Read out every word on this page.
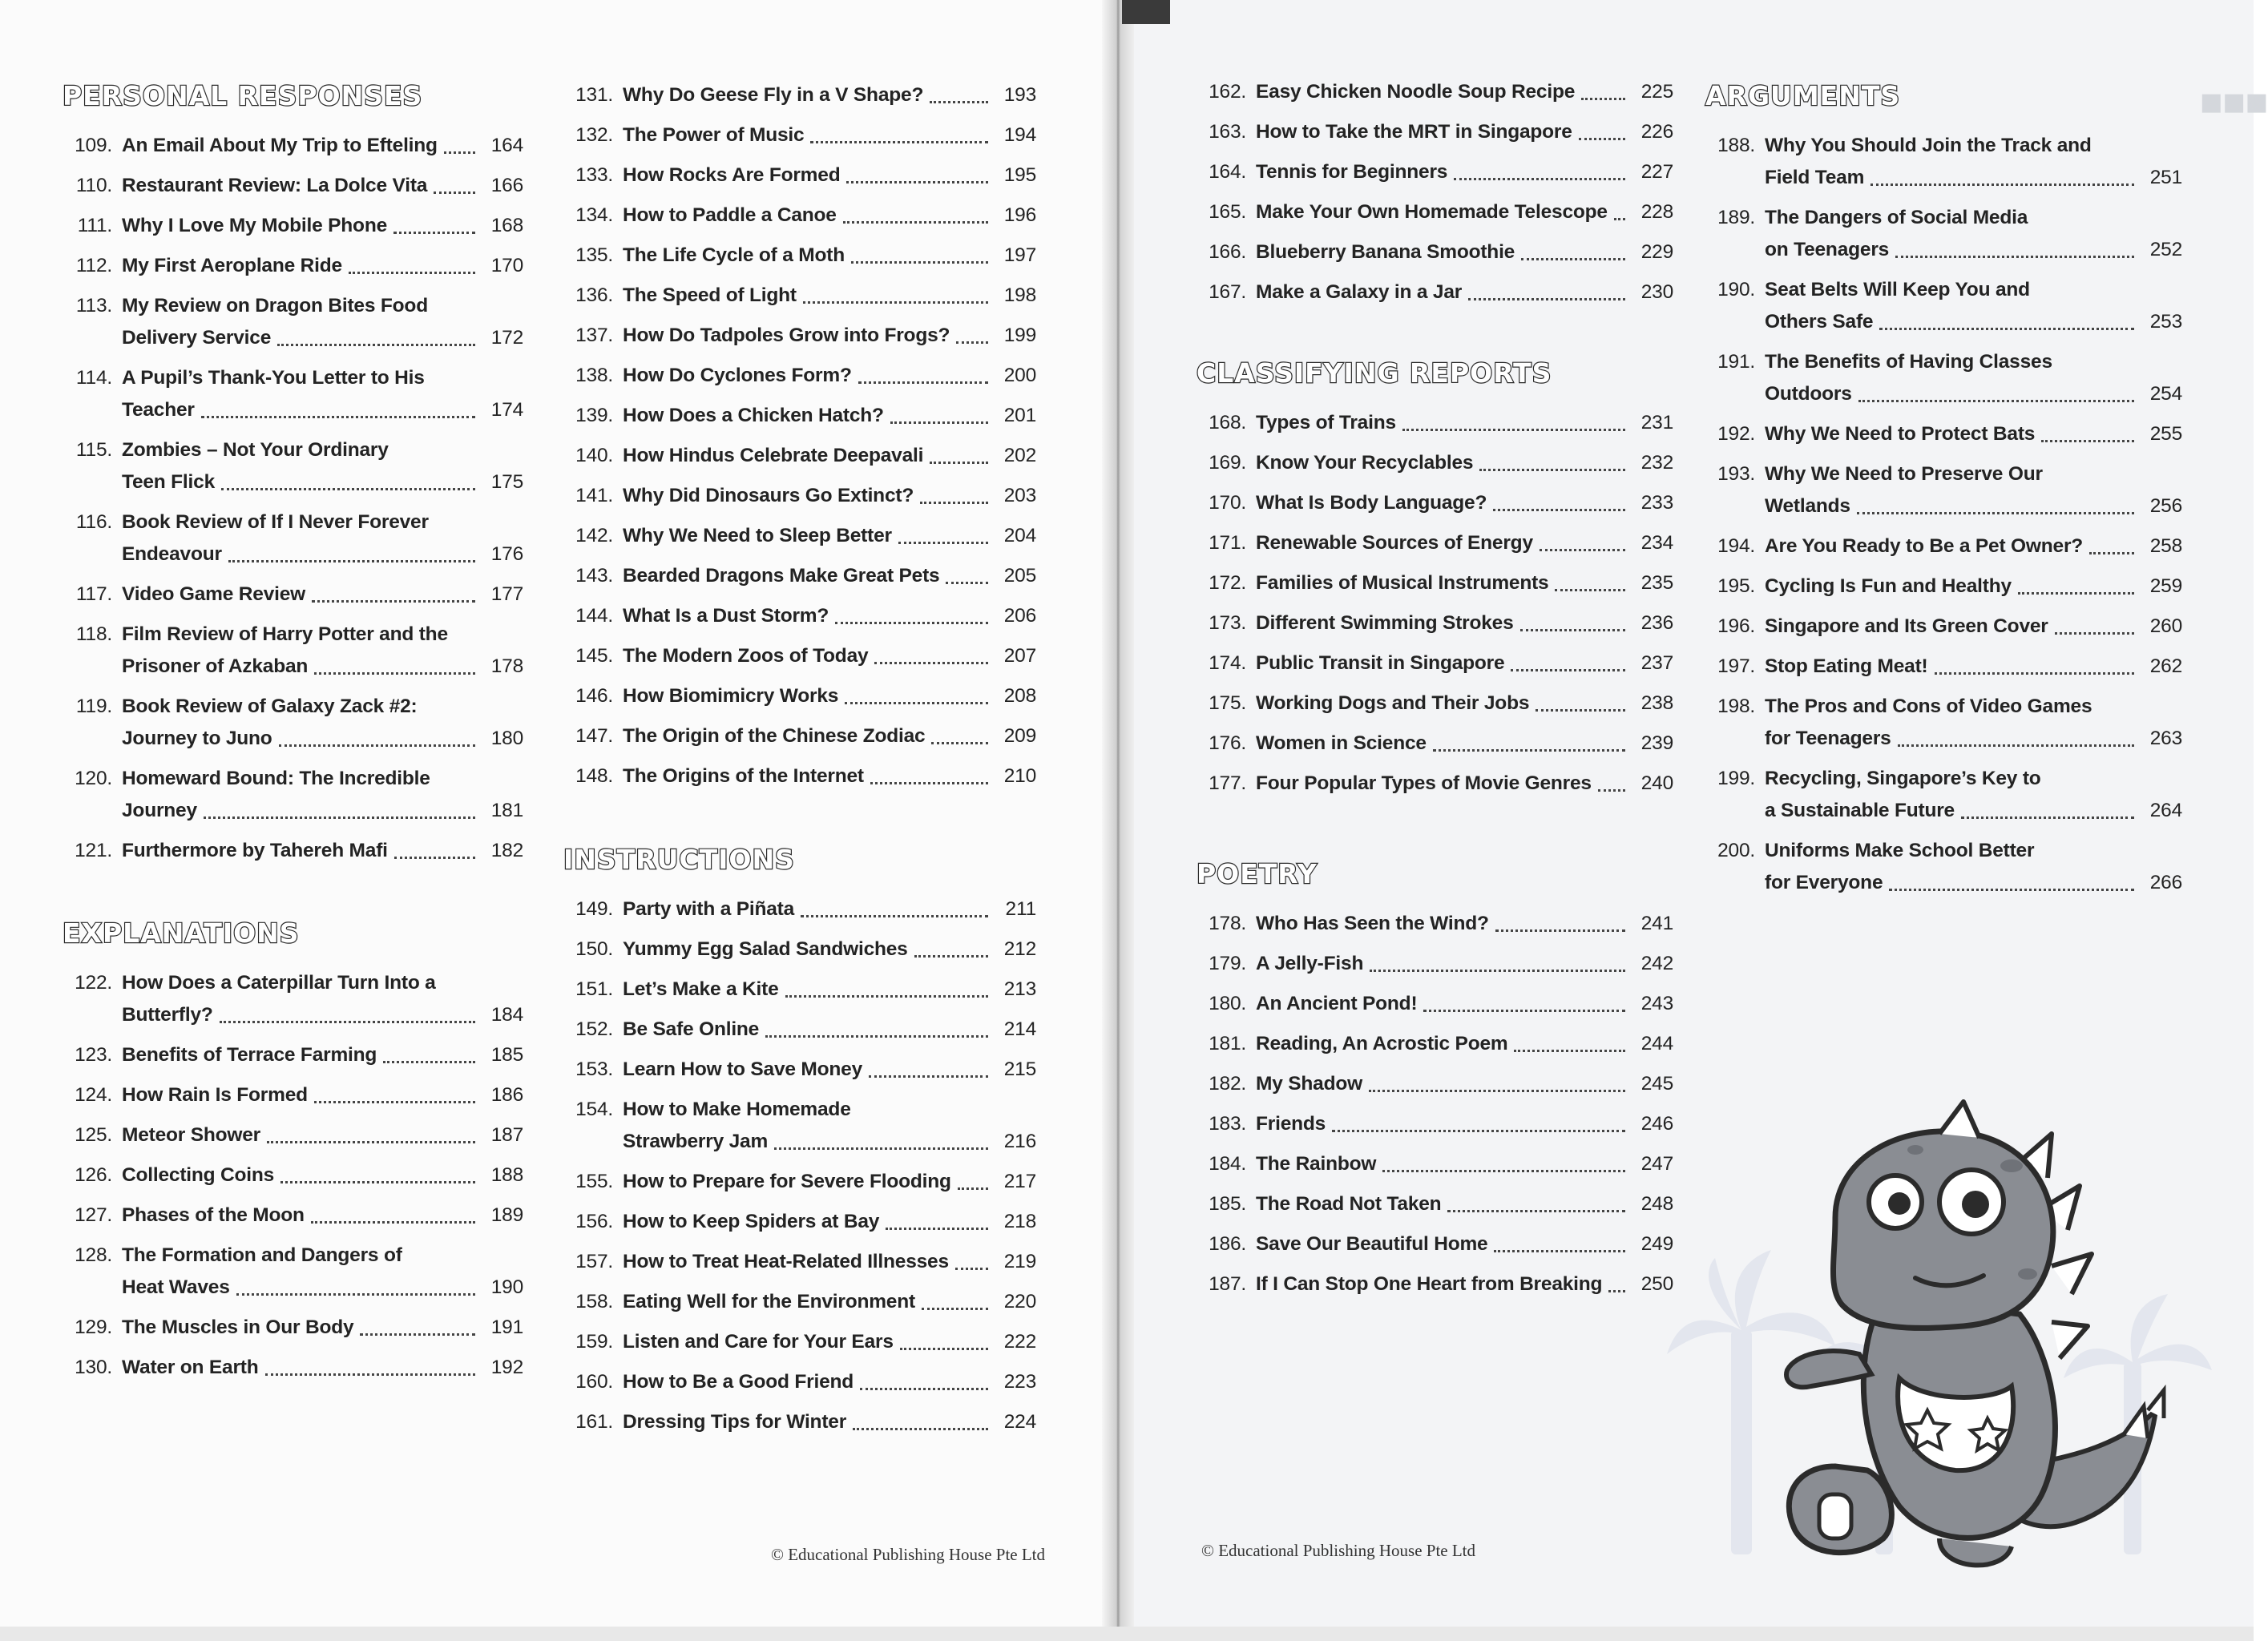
PERSONAL RESPONSES
109. An Email About My Trip to Efteling	164
110. Restaurant Review: La Dolce Vita	166
111. Why I Love My Mobile Phone	168
112. My First Aeroplane Ride	170
113. My Review on Dragon Bites Food
Delivery Service	172
114. A Pupil’s Thank-You Letter to His
Teacher	174
115. Zombies – Not Your Ordinary
Teen Flick	175
116. Book Review of If I Never Forever
Endeavour	176
117. Video Game Review	177
118. Film Review of Harry Potter and the
Prisoner of Azkaban	178
119. Book Review of Galaxy Zack #2:
Journey to Juno	180
120. Homeward Bound: The Incredible
Journey	181
121. Furthermore by Tahereh Mafi	182
EXPLANATIONS
122. How Does a Caterpillar Turn Into a
Butterfly?	184
123. Benefits of Terrace Farming	185
124. How Rain Is Formed	186
125. Meteor Shower	187
126. Collecting Coins	188
127. Phases of the Moon	189
128. The Formation and Dangers of
Heat Waves	190
129. The Muscles in Our Body	191
130. Water on Earth	192
131. Why Do Geese Fly in a V Shape?	193
132. The Power of Music	194
133. How Rocks Are Formed	195
134. How to Paddle a Canoe	196
135. The Life Cycle of a Moth	197
136. The Speed of Light	198
137. How Do Tadpoles Grow into Frogs?	199
138. How Do Cyclones Form?	200
139. How Does a Chicken Hatch?	201
140. How Hindus Celebrate Deepavali	202
141. Why Did Dinosaurs Go Extinct?	203
142. Why We Need to Sleep Better	204
143. Bearded Dragons Make Great Pets	205
144. What Is a Dust Storm?	206
145. The Modern Zoos of Today	207
146. How Biomimicry Works	208
147. The Origin of the Chinese Zodiac	209
148. The Origins of the Internet	210
INSTRUCTIONS
149. Party with a Piñata	211
150. Yummy Egg Salad Sandwiches	212
151. Let’s Make a Kite	213
152. Be Safe Online	214
153. Learn How to Save Money	215
154. How to Make Homemade
Strawberry Jam	216
155. How to Prepare for Severe Flooding	217
156. How to Keep Spiders at Bay	218
157. How to Treat Heat-Related Illnesses	219
158. Eating Well for the Environment	220
159. Listen and Care for Your Ears	222
160. How to Be a Good Friend	223
161. Dressing Tips for Winter	224
162. Easy Chicken Noodle Soup Recipe	225
163. How to Take the MRT in Singapore	226
164. Tennis for Beginners	227
165. Make Your Own Homemade Telescope	228
166. Blueberry Banana Smoothie	229
167. Make a Galaxy in a Jar	230
CLASSIFYING REPORTS
168. Types of Trains	231
169. Know Your Recyclables	232
170. What Is Body Language?	233
171. Renewable Sources of Energy	234
172. Families of Musical Instruments	235
173. Different Swimming Strokes	236
174. Public Transit in Singapore	237
175. Working Dogs and Their Jobs	238
176. Women in Science	239
177. Four Popular Types of Movie Genres	240
POETRY
178. Who Has Seen the Wind?	241
179. A Jelly-Fish	242
180. An Ancient Pond!	243
181. Reading, An Acrostic Poem	244
182. My Shadow	245
183. Friends	246
184. The Rainbow	247
185. The Road Not Taken	248
186. Save Our Beautiful Home	249
187. If I Can Stop One Heart from Breaking	250
ARGUMENTS
188. Why You Should Join the Track and
Field Team	251
189. The Dangers of Social Media
on Teenagers	252
190. Seat Belts Will Keep You and
Others Safe	253
191. The Benefits of Having Classes
Outdoors	254
192. Why We Need to Protect Bats	255
193. Why We Need to Preserve Our
Wetlands	256
194. Are You Ready to Be a Pet Owner?	258
195. Cycling Is Fun and Healthy	259
196. Singapore and Its Green Cover	260
197. Stop Eating Meat!	262
198. The Pros and Cons of Video Games
for Teenagers	263
199. Recycling, Singapore’s Key to
a Sustainable Future	264
200. Uniforms Make School Better
for Everyone	266
© Educational Publishing House Pte Ltd	© Educational Publishing House Pte Ltd
■■■
